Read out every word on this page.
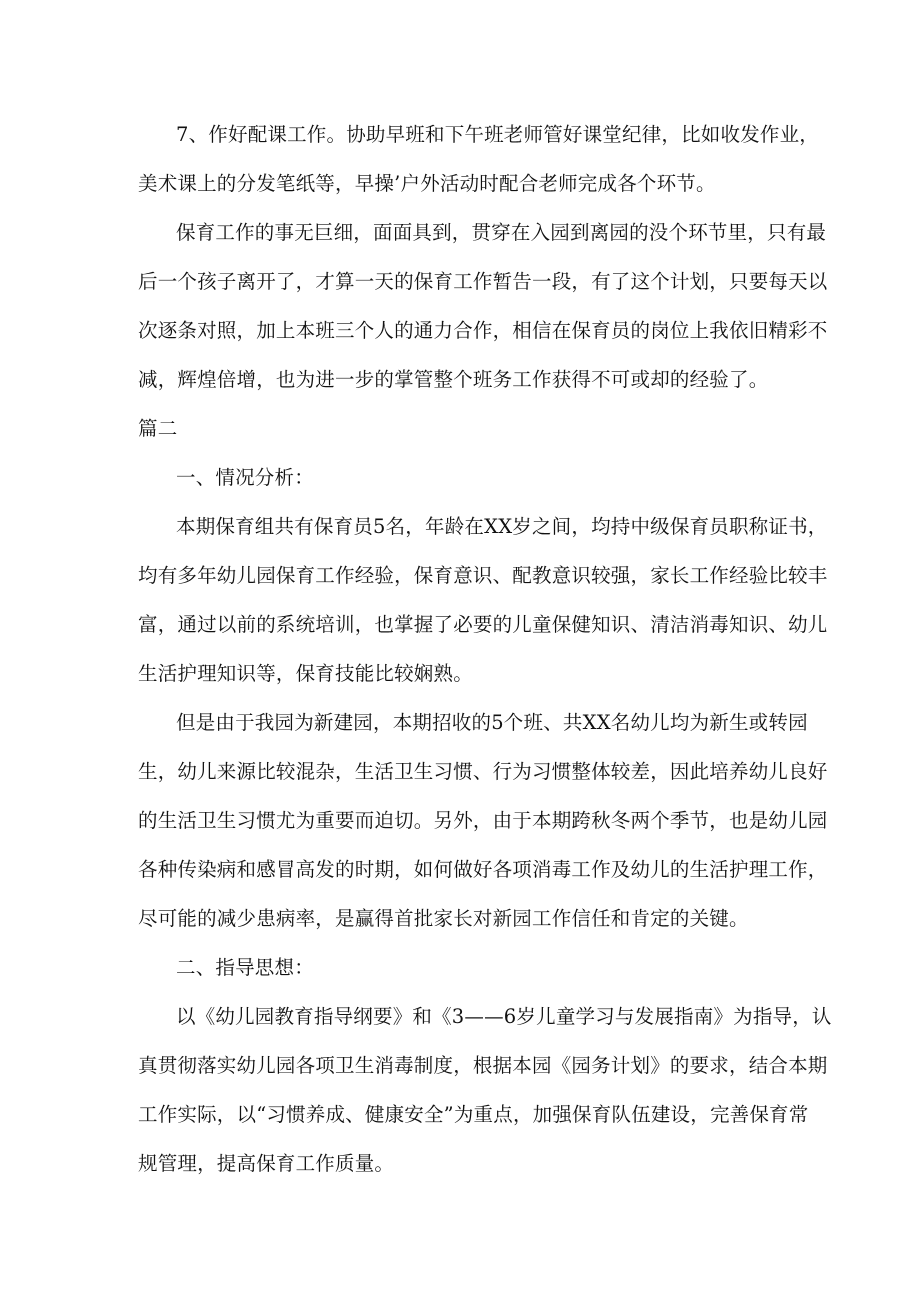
7、作好配课工作。协助早班和下午班老师管好课堂纪律，比如收发作业，
美术课上的分发笔纸等，早操’户外活动时配合老师完成各个环节。
保育工作的事无巨细，面面具到，贯穿在入园到离园的没个环节里，只有最
后一个孩子离开了，才算一天的保育工作暂告一段，有了这个计划，只要每天以
次逐条对照，加上本班三个人的通力合作，相信在保育员的岗位上我依旧精彩不
减，辉煌倍增，也为进一步的掌管整个班务工作获得不可或却的经验了。
篇二
一、情况分析：
本期保育组共有保育员5名，年龄在XX岁之间，均持中级保育员职称证书，
均有多年幼儿园保育工作经验，保育意识、配教意识较强，家长工作经验比较丰
富，通过以前的系统培训，也掌握了必要的儿童保健知识、清洁消毒知识、幼儿
生活护理知识等，保育技能比较娴熟。
但是由于我园为新建园，本期招收的5个班、共XX名幼儿均为新生或转园
生，幼儿来源比较混杂，生活卫生习惯、行为习惯整体较差，因此培养幼儿良好
的生活卫生习惯尤为重要而迫切。另外，由于本期跨秋冬两个季节，也是幼儿园
各种传染病和感冒高发的时期，如何做好各项消毒工作及幼儿的生活护理工作，
尽可能的减少患病率，是赢得首批家长对新园工作信任和肯定的关键。
二、指导思想：
以《幼儿园教育指导纲要》和《3——6岁儿童学习与发展指南》为指导，认
真贯彻落实幼儿园各项卫生消毒制度，根据本园《园务计划》的要求，结合本期
工作实际，以“习惯养成、健康安全”为重点，加强保育队伍建设，完善保育常
规管理，提高保育工作质量。
